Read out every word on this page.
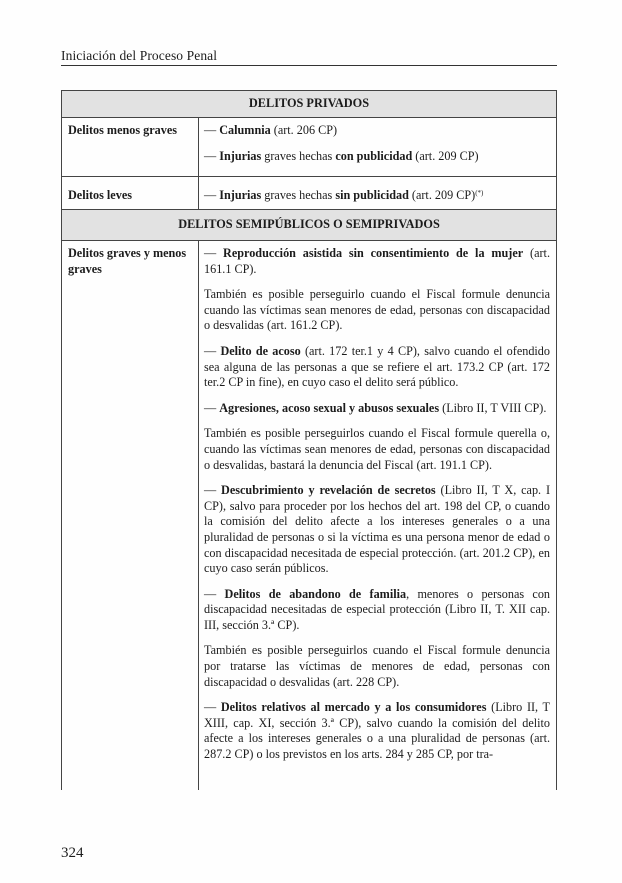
Iniciación del Proceso Penal
DELITOS PRIVADOS
Delitos menos graves	— Calumnia (art. 206 CP)

— Injurias graves hechas con publicidad (art. 209 CP)

Delitos leves	— Injurias graves hechas sin publicidad (art. 209 CP)(*)

DELITOS SEMIPÚBLICOS O SEMIPRIVADOS
Delitos graves y menos graves

— Reproducción asistida sin consentimiento de la mujer (art. 161.1 CP).

También es posible perseguirlo cuando el Fiscal formule denuncia cuando las víctimas sean menores de edad, personas con discapacidad o desvalidas (art. 161.2 CP).

— Delito de acoso (art. 172 ter.1 y 4 CP), salvo cuando el ofendido sea alguna de las personas a que se refiere el art. 173.2 CP (art. 172 ter.2 CP in fine), en cuyo caso el delito será público.

— Agresiones, acoso sexual y abusos sexuales (Libro II, T VIII CP).

También es posible perseguirlos cuando el Fiscal formule querella o, cuando las víctimas sean menores de edad, personas con discapacidad o desvalidas, bastará la denuncia del Fiscal (art. 191.1 CP).

— Descubrimiento y revelación de secretos (Libro II, T X, cap. I CP), salvo para proceder por los hechos del art. 198 del CP, o cuando la comisión del delito afecte a los intereses generales o a una pluralidad de personas o si la víctima es una persona menor de edad o con discapacidad necesitada de especial protección. (art. 201.2 CP), en cuyo caso serán públicos.

— Delitos de abandono de familia, menores o personas con discapacidad necesitadas de especial protección (Libro II, T. XII cap. III, sección 3.ª CP).

También es posible perseguirlos cuando el Fiscal formule denuncia por tratarse las víctimas de menores de edad, personas con discapacidad o desvalidas (art. 228 CP).

— Delitos relativos al mercado y a los consumidores (Libro II, T XIII, cap. XI, sección 3.ª CP), salvo cuando la comisión del delito afecte a los intereses generales o a una pluralidad de personas (art. 287.2 CP) o los previstos en los arts. 284 y 285 CP, por tra-

324
